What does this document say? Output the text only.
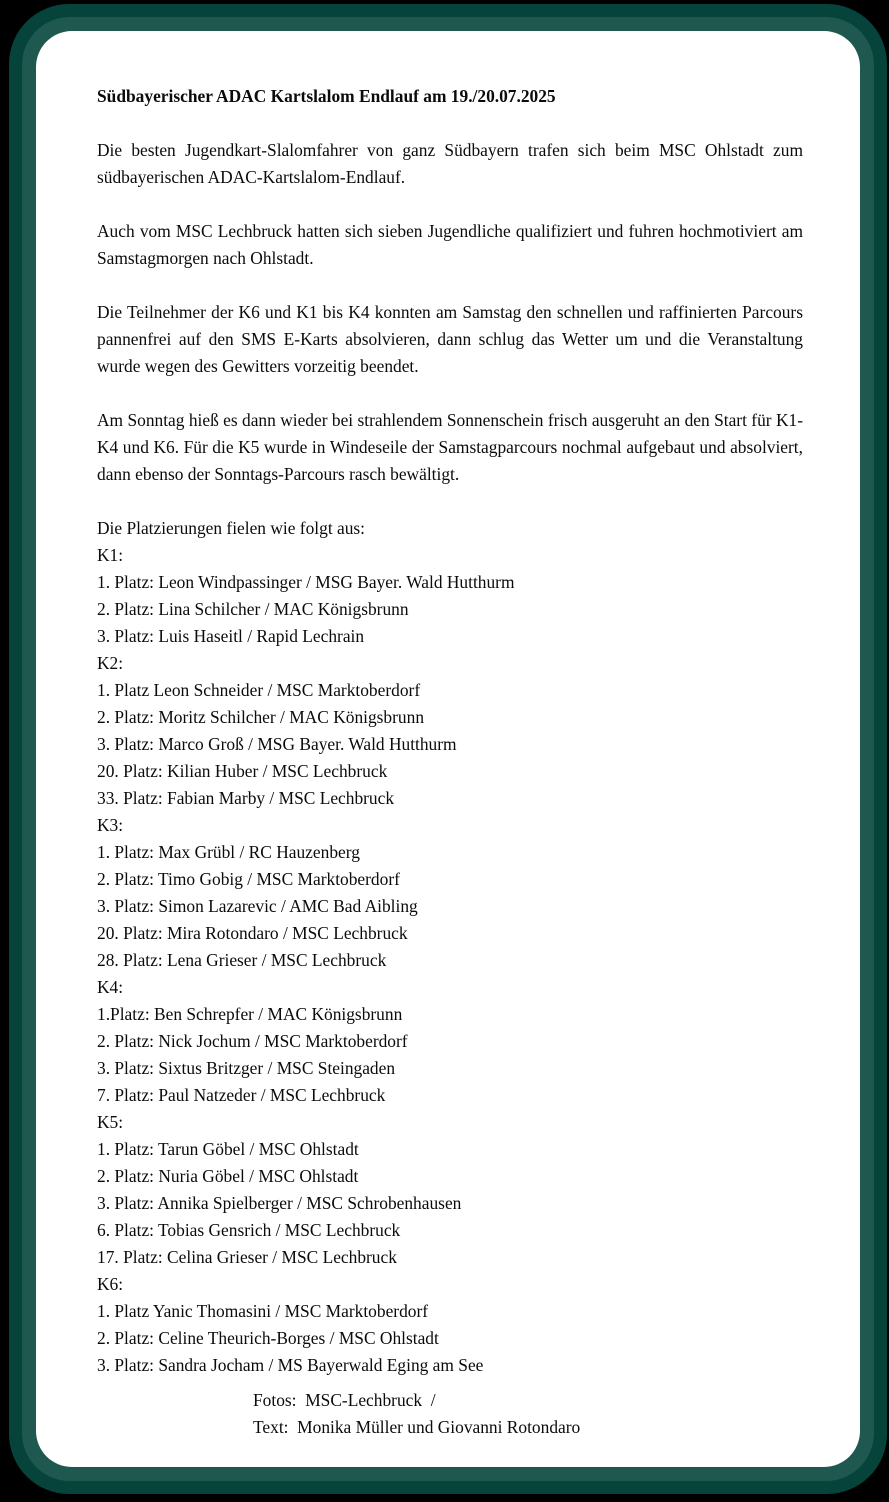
Südbayerischer ADAC Kartslalom Endlauf am 19./20.07.2025

Die besten Jugendkart-Slalomfahrer von ganz Südbayern trafen sich beim MSC Ohlstadt zum südbayerischen ADAC-Kartslalom-Endlauf.

Auch vom MSC Lechbruck hatten sich sieben Jugendliche qualifiziert und fuhren hochmotiviert am Samstagmorgen nach Ohlstadt.

Die Teilnehmer der K6 und K1 bis K4 konnten am Samstag den schnellen und raffinierten Parcours pannenfrei auf den SMS E-Karts absolvieren, dann schlug das Wetter um und die Veranstaltung wurde wegen des Gewitters vorzeitig beendet.

Am Sonntag hieß es dann wieder bei strahlendem Sonnenschein frisch ausgeruht an den Start für K1-K4 und K6. Für die K5 wurde in Windeseile der Samstagparcours nochmal aufgebaut und absolviert, dann ebenso der Sonntags-Parcours rasch bewältigt.

Die Platzierungen fielen wie folgt aus:
K1:
1. Platz: Leon Windpassinger / MSG Bayer. Wald Hutthurm
2. Platz: Lina Schilcher / MAC Königsbrunn
3. Platz: Luis Haseitl / Rapid Lechrain
K2:
1. Platz Leon Schneider / MSC Marktoberdorf
2. Platz: Moritz Schilcher / MAC Königsbrunn
3. Platz: Marco Groß / MSG Bayer. Wald Hutthurm
20. Platz: Kilian Huber / MSC Lechbruck
33. Platz: Fabian Marby / MSC Lechbruck
K3:
1. Platz: Max Grübl / RC Hauzenberg
2. Platz: Timo Gobig / MSC Marktoberdorf
3. Platz: Simon Lazarevic / AMC Bad Aibling
20. Platz: Mira Rotondaro / MSC Lechbruck
28. Platz: Lena Grieser / MSC Lechbruck
K4:
1.Platz: Ben Schrepfer / MAC Königsbrunn
2. Platz: Nick Jochum / MSC Marktoberdorf
3. Platz: Sixtus Britzger / MSC Steingaden
7. Platz: Paul Natzeder / MSC Lechbruck
K5:
1. Platz: Tarun Göbel / MSC Ohlstadt
2. Platz: Nuria Göbel / MSC Ohlstadt
3. Platz: Annika Spielberger / MSC Schrobenhausen
6. Platz: Tobias Gensrich / MSC Lechbruck
17. Platz: Celina Grieser / MSC Lechbruck
K6:
1. Platz Yanic Thomasini / MSC Marktoberdorf
2. Platz: Celine Theurich-Borges / MSC Ohlstadt
3. Platz: Sandra Jocham / MS Bayerwald Eging am See
Fotos:  MSC-Lechbruck  /
Text:  Monika Müller und Giovanni Rotondaro
